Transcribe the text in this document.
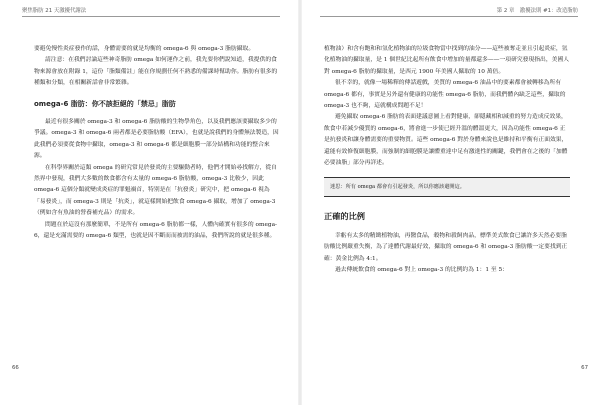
聚焦脂肪 21 天激擾代謝法

要避免慢性炎症發作的話，身體需要的就是均衡的 omega-6 與 omega-3 脂肪攝取。

請注意：在我們討論這些神奇脂肪 omega 如何運作之前，我先要你們說知道，我提供的食物來源會放在附錄 1，這份「脂類備註」能在你規劃任何不熟悉的備課時幫助你。脂肪有很多的種類和分類，在相關新話會非常繁雜。

omega-6 脂肪：你不該拒絕的「禁忌」脂肪

最近有很多關於 omega-3 和 omega-6 脂肪酸的生物學角色，以及我們應該要攝取多少的爭議。omega-3 和 omega-6 兩者都是必要脂肪酸（EFA），也就是說我們的身體無法製造，因此我們必須要從食物中攝取，omega-3 和 omega-6 都是細胞膜一部分結構和功能的整合來源。

在科學界關於這類 omega 的研究常見於發炎的主要驅動者時，他們才開始尋找解方，從自然界中發現，我們大多數的飲食都含有太量的 omega-6 脂肪酸，omega-3 比較少，因此 omega-6 這個分類就變成炎症的罪魁禍首，特別是在「抗發炎」研究中，把 omega-6 視為「易發炎」，而 omega-3 則是「抗炎」，就這樣開始把飲食 omega-6 攝取，增加了 omega-3（例如含有魚油的營養補充品）的需求。

問題在於這沒有那麼簡單，不是所有 omega-6 脂肪都一樣，人體內確實有很多的 omega-6，還是充滿需要的 omega-6 類型，也就是因不斷而而被需的油品，我們所說的就是很多種。

66
第 2 章　激擾法則 #1：改造脂肪

植物油）和含有飽和和氫化植物油的垃圾食物當中找到的油分——這些被奪走並且引起炎症，氫化植物油的攝取量，是 1 個世紀比起所有飲食中增加的量都還多——一項研究發現指出，美國人對 omega-6 脂肪的攝取量，是西元 1900 年美國人攝取的 10 萬倍。

很不幸的，就像一場稀釋的傳話遊戲，美質的 omega-6 油品中的要素都會被轉移為所有 omega-6 都有，事實是另外還有健康的功能性 omega-6 脂肪，而我們體內缺乏這些，攝取的 omega-3 也不夠，這就構成問題不足！

避免攝取 omega-6 脂肪的表面建議意圖上看對健康，卻隱藏相和減重的努力造成反效果，飲食中若減少優質的 omega-6，將會進一步使已經升溫的體溫更大，因為功能性 omega-6 正是抗發炎和讓身體需要的重要物質。這些 omega-6 對於身體來說也是維持和平衡有正面效果，還能有效修復細胞膜，而強制的細胞膜是讓體重達中足有激進性的關鍵，我們會在之後的「加體必要油脂」部分再詳述。

迷思：所有 omega 都會有引起發炎，所以你應該避開這。
正確的比例

幸虧有太多的精緻植物油，再醫食品，穀物和殺飼肉品，標準美式飲食已讓許多天然必要脂肪酸比例嚴重失衡，為了達體代謝最好效，攝取的 omega-6 和 omega-3 脂肪酸一定要找到正確：黃金比例為 4:1。

過去傳統飲食的 omega-6 對上 omega-3 的比例約為 1：1 至 5：

67
